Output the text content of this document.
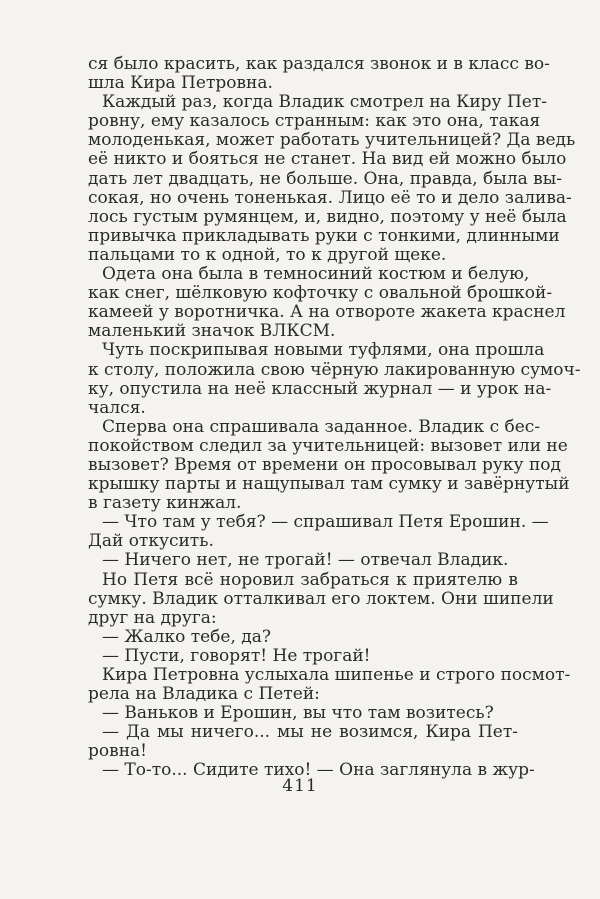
ся было красить, как раздался звонок и в класс во-
шла Кира Петровна.
Каждый раз, когда Владик смотрел на Киру Пет-
ровну, ему казалось странным: как это она, такая
молоденькая, может работать учительницей? Да ведь
её никто и бояться не станет. На вид ей можно было
дать лет двадцать, не больше. Она, правда, была вы-
сокая, но очень тоненькая. Лицо её то и дело залива-
лось густым румянцем, и, видно, поэтому у неё была
привычка прикладывать руки с тонкими, длинными
пальцами то к одной, то к другой щеке.
Одета она была в темносиний костюм и белую,
как снег, шёлковую кофточку с овальной брошкой-
камеей у воротничка. А на отвороте жакета краснел
маленький значок ВЛКСМ.
Чуть поскрипывая новыми туфлями, она прошла
к столу, положила свою чёрную лакированную сумоч-
ку, опустила на неё классный журнал — и урок на-
чался.
Сперва она спрашивала заданное. Владик с бес-
покойством следил за учительницей: вызовет или не
вызовет? Время от времени он просовывал руку под
крышку парты и нащупывал там сумку и завёрнутый
в газету кинжал.
— Что там у тебя? — спрашивал Петя Ерошин. —
Дай откусить.
— Ничего нет, не трогай! — отвечал Владик.
Но Петя всё норовил забраться к приятелю в
сумку. Владик отталкивал его локтем. Они шипели
друг на друга:
— Жалко тебе, да?
— Пусти, говорят! Не трогай!
Кира Петровна услыхала шипенье и строго посмот-
рела на Владика с Петей:
— Ваньков и Ерошин, вы что там возитесь?
— Да мы ничего... мы не возимся, Кира Пет-
ровна!
— То-то... Сидите тихо! — Она заглянула в жур-
411
